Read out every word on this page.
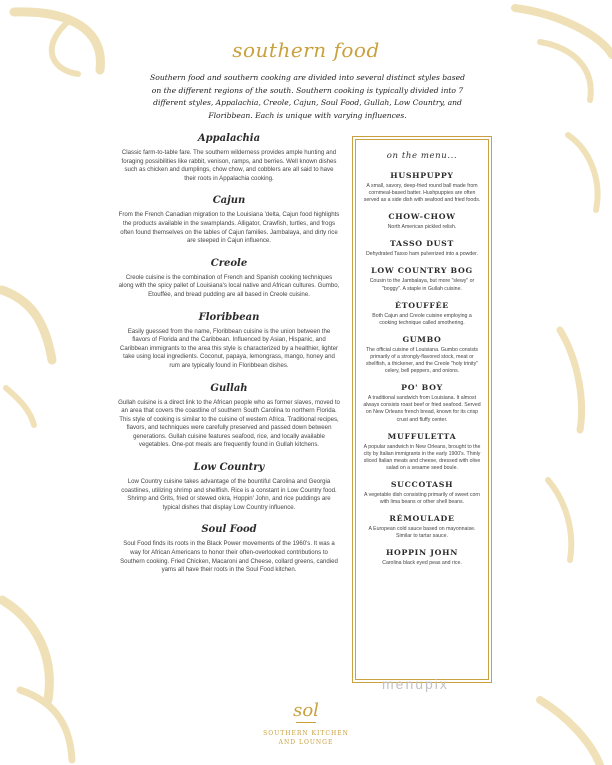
southern food
Southern food and southern cooking are divided into several distinct styles based on the different regions of the south. Southern cooking is typically divided into 7 different styles, Appalachia, Creole, Cajun, Soul Food, Gullah, Low Country, and Floribbean. Each is unique with varying influences.
Appalachia

Classic farm-to-table fare. The southern wilderness provides ample hunting and foraging possibilities like rabbit, venison, ramps, and berries. Well known dishes such as chicken and dumplings, chow chow, and cobblers are all said to have their roots in Appalachia cooking.

Cajun

From the French Canadian migration to the Louisiana 'delta, Cajun food highlights the products available in the swamplands. Alligator, Crawfish, turtles, and frogs often found themselves on the tables of Cajun families. Jambalaya, and dirty rice are steeped in Cajun influence.

Creole

Creole cuisine is the combination of French and Spanish cooking techniques along with the spicy pallet of Louisiana's local native and African cultures. Gumbo, Etouffée, and bread pudding are all based in Creole cuisine.

Floribbean

Easily guessed from the name, Floribbean cuisine is the union between the flavors of Florida and the Caribbean. Influenced by Asian, Hispanic, and Caribbean immigrants to the area this style is characterized by a healthier, lighter take using local ingredients. Coconut, papaya, lemongrass, mango, honey and rum are typically found in Floribbean dishes.

Gullah

Gullah cuisine is a direct link to the African people who as former slaves, moved to an area that covers the coastline of southern South Carolina to northern Florida. This style of cooking is similar to the cuisine of western Africa. Traditional recipes, flavors, and techniques were carefully preserved and passed down between generations. Gullah cuisine features seafood, rice, and locally available vegetables. One-pot meals are frequently found in Gullah kitchens.

Low Country

Low Country cuisine takes advantage of the bountiful Carolina and Georgia coastlines, utilizing shrimp and shellfish. Rice is a constant in Low Country food. Shrimp and Grits, fried or stewed okra, Hoppin' John, and rice puddings are typical dishes that display Low Country influence.

Soul Food

Soul Food finds its roots in the Black Power movements of the 1960's. It was a way for African Americans to honor their often-overlooked contributions to Southern cooking. Fried Chicken, Macaroni and Cheese, collard greens, candied yams all have their roots in the Soul Food kitchen.

on the menu...
HUSHPUPPY

A small, savory, deep-fried round ball made from cornmeal-based batter. Hushpuppies are often served as a side dish with seafood and fried foods.

CHOW-CHOW

North American pickled relish.

TASSO DUST

Dehydrated Tasso ham pulverized into a powder.

LOW COUNTRY BOG

Cousin to the Jambalaya, but more "slewy" or "boggy". A staple in Gullah cuisine.

ÉTOUFFÉE

Both Cajun and Creole cuisine employing a cooking technique called smothering.

GUMBO

The official cuisine of Louisiana. Gumbo consists primarily of a strongly-flavored stock, meat or shellfish, a thickener, and the Creole "holy trinity" celery, bell peppers, and onions.

PO' BOY

A traditional sandwich from Louisiana. It almost always consists roast beef or fried seafood. Served on New Orleans french bread, known for its crisp crust and fluffy center.

MUFFULETTA

A popular sandwich in New Orleans, brought to the city by Italian immigrants in the early 1900's. Thinly sliced Italian meats and cheese, dressed with olive salad on a sesame seed boule.

SUCCOTASH

A vegetable dish consisting primarily of sweet corn with lima beans or other shell beans.

RÉMOULADE

A European cold sauce based on mayonnaise. Similar to tartar sauce.

HOPPIN JOHN

Carolina black eyed peas and rice.

menupix
sol
SOUTHERN KITCHEN
AND LOUNGE
